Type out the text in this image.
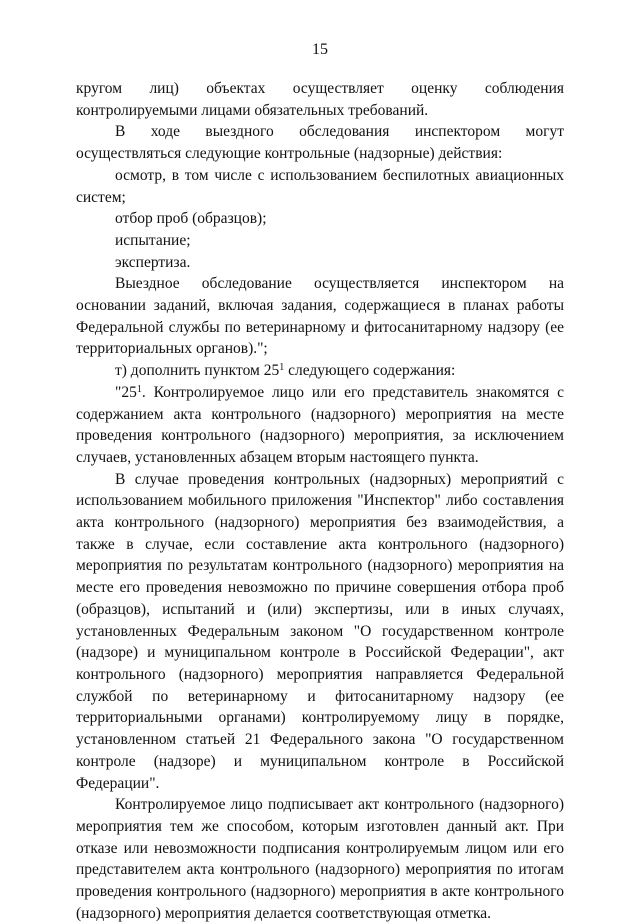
15

кругом лиц) объектах осуществляет оценку соблюдения контролируемыми лицами обязательных требований.

В ходе выездного обследования инспектором могут осуществляться следующие контрольные (надзорные) действия:

осмотр, в том числе с использованием беспилотных авиационных систем;

отбор проб (образцов);

испытание;

экспертиза.

Выездное обследование осуществляется инспектором на основании заданий, включая задания, содержащиеся в планах работы Федеральной службы по ветеринарному и фитосанитарному надзору (ее территориальных органов).";

т) дополнить пунктом $25^1$ следующего содержания:

"$25^1$. Контролируемое лицо или его представитель знакомятся с содержанием акта контрольного (надзорного) мероприятия на месте проведения контрольного (надзорного) мероприятия, за исключением случаев, установленных абзацем вторым настоящего пункта.

В случае проведения контрольных (надзорных) мероприятий с использованием мобильного приложения "Инспектор" либо составления акта контрольного (надзорного) мероприятия без взаимодействия, а также в случае, если составление акта контрольного (надзорного) мероприятия по результатам контрольного (надзорного) мероприятия на месте его проведения невозможно по причине совершения отбора проб (образцов), испытаний и (или) экспертизы, или в иных случаях, установленных Федеральным законом "О государственном контроле (надзоре) и муниципальном контроле в Российской Федерации", акт контрольного (надзорного) мероприятия направляется Федеральной службой по ветеринарному и фитосанитарному надзору (ее территориальными органами) контролируемому лицу в порядке, установленном статьей 21 Федерального закона "О государственном контроле (надзоре) и муниципальном контроле в Российской Федерации".

Контролируемое лицо подписывает акт контрольного (надзорного) мероприятия тем же способом, которым изготовлен данный акт. При отказе или невозможности подписания контролируемым лицом или его представителем акта контрольного (надзорного) мероприятия по итогам проведения контрольного (надзорного) мероприятия в акте контрольного (надзорного) мероприятия делается соответствующая отметка.
